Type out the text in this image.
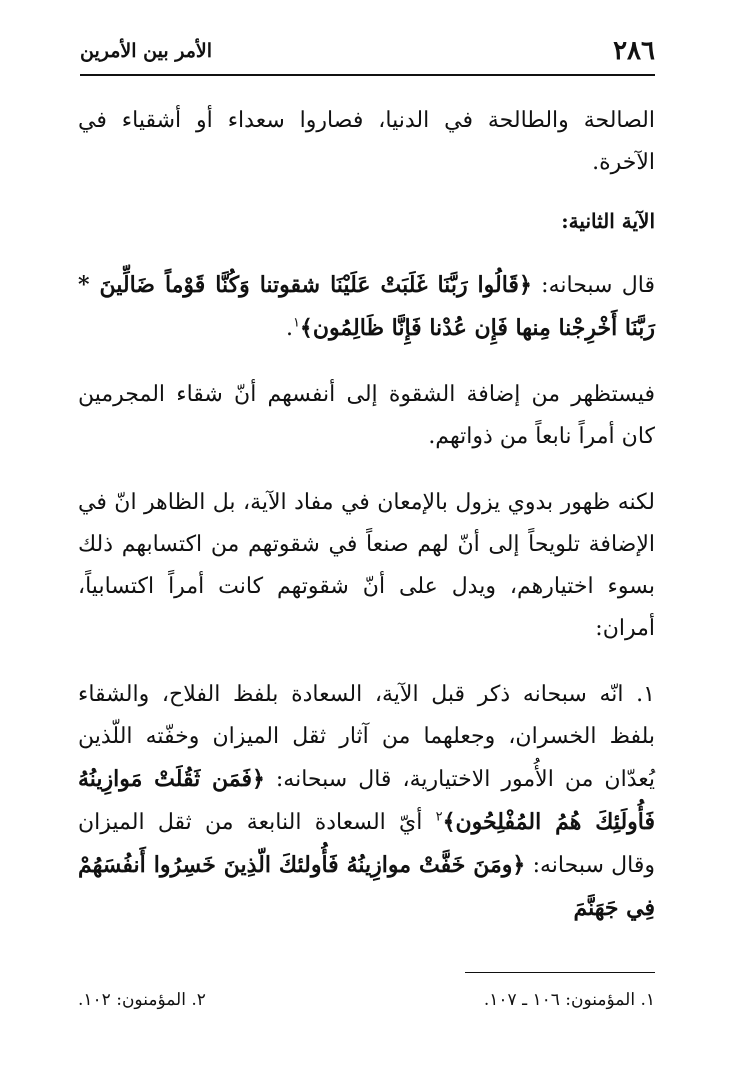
٢٨٦
الأمر بين الأمرين

الصالحة والطالحة في الدنيا، فصاروا سعداء أو أشقياء في الآخرة.

الآية الثانية:

قال سبحانه: ﴿قَالُوا رَبَّنَا غَلَبَتْ عَلَيْنَا شقوتنا وَكُنَّا قَوْماً ضَالِّينَ * رَبَّنَا أَخْرِجْنا مِنها فَإِن عُدْنا فَإِنَّا ظَالِمُون﴾$^١$.

فيستظهر من إضافة الشقوة إلى أنفسهم أنّ شقاء المجرمين كان أمراً نابعاً من ذواتهم.

لكنه ظهور بدوي يزول بالإمعان في مفاد الآية، بل الظاهر انّ في الإضافة تلويحاً إلى أنّ لهم صنعاً في شقوتهم من اكتسابهم ذلك بسوء اختيارهم، ويدل على أنّ شقوتهم كانت أمراً اكتسابياً، أمران:

١. انّه سبحانه ذكر قبل الآية، السعادة بلفظ الفلاح، والشقاء بلفظ الخسران، وجعلهما من آثار ثقل الميزان وخفّته اللّذين يُعدّان من الأُمور الاختيارية، قال سبحانه: ﴿فَمَن ثَقُلَتْ مَوازِينُهُ فَأُولَئِكَ هُمُ المُفْلِحُون﴾$^٢$ أيّ السعادة النابعة من ثقل الميزان وقال سبحانه: ﴿ومَنَ خَفَّتْ موازِينُهُ فَأُولئكَ الّذِينَ خَسِرُوا أَنفُسَهُمْ فِي جَهَنَّمَ

١. المؤمنون: ١٠٦ ـ ١٠٧.
٢. المؤمنون: ١٠٢.
